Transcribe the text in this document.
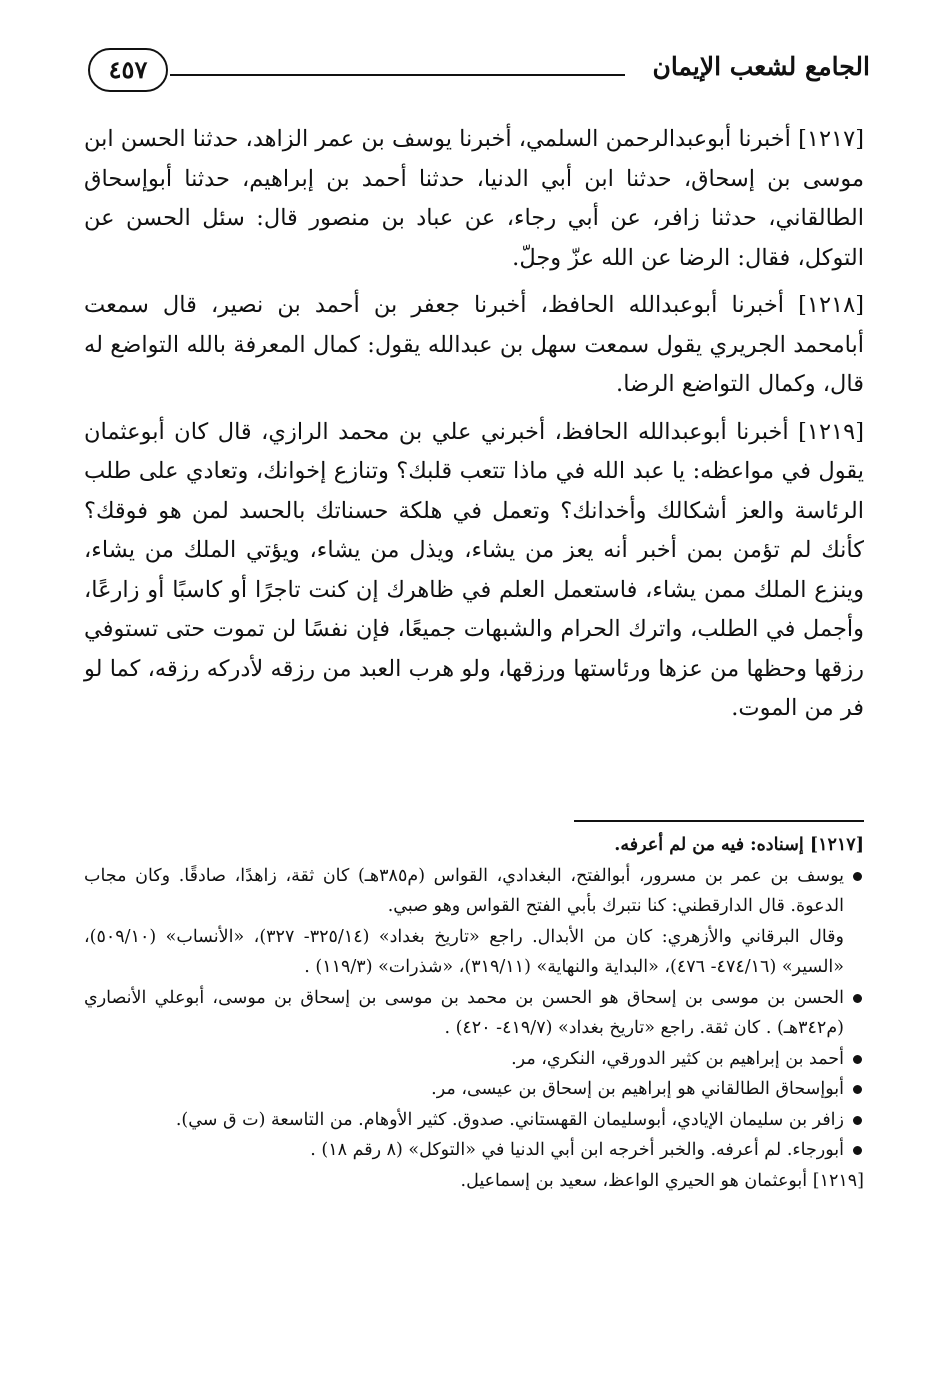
الجامع لشعب الإيمان
٤٥٧

[١٢١٧] أخبرنا أبوعبدالرحمن السلمي، أخبرنا يوسف بن عمر الزاهد، حدثنا الحسن ابن موسى بن إسحاق، حدثنا ابن أبي الدنيا، حدثنا أحمد بن إبراهيم، حدثنا أبوإسحاق الطالقاني، حدثنا زافر، عن أبي رجاء، عن عباد بن منصور قال: سئل الحسن عن التوكل، فقال: الرضا عن الله عزّ وجلّ.

[١٢١٨] أخبرنا أبوعبدالله الحافظ، أخبرنا جعفر بن أحمد بن نصير، قال سمعت أبامحمد الجريري يقول سمعت سهل بن عبدالله يقول: كمال المعرفة بالله التواضع له قال، وكمال التواضع الرضا.

[١٢١٩] أخبرنا أبوعبدالله الحافظ، أخبرني علي بن محمد الرازي، قال كان أبوعثمان يقول في مواعظه: يا عبد الله في ماذا تتعب قلبك؟ وتنازع إخوانك، وتعادي على طلب الرئاسة والعز أشكالك وأخدانك؟ وتعمل في هلكة حسناتك بالحسد لمن هو فوقك؟ كأنك لم تؤمن بمن أخبر أنه يعز من يشاء، ويذل من يشاء، ويؤتي الملك من يشاء، وينزع الملك ممن يشاء، فاستعمل العلم في ظاهرك إن كنت تاجرًا أو كاسبًا أو زارعًا، وأجمل في الطلب، واترك الحرام والشبهات جميعًا، فإن نفسًا لن تموت حتى تستوفي رزقها وحظها من عزها ورئاستها ورزقها، ولو هرب العبد من رزقه لأدركه رزقه، كما لو فر من الموت.

[١٢١٧] إسناده: فيه من لم أعرفه.

يوسف بن عمر بن مسرور، أبوالفتح، البغدادي، القواس (م٣٨٥هـ) كان ثقة، زاهدًا، صادقًا. وكان مجاب الدعوة. قال الدارقطني: كنا نتبرك بأبي الفتح القواس وهو صبي.
وقال البرقاني والأزهري: كان من الأبدال. راجع «تاريخ بغداد» (٣٢٥/١٤- ٣٢٧)، «الأنساب» (٥٠٩/١٠)، «السير» (٤٧٤/١٦- ٤٧٦)، «البداية والنهاية» (٣١٩/١١)، «شذرات» (١١٩/٣) .
الحسن بن موسى بن إسحاق هو الحسن بن محمد بن موسى بن إسحاق بن موسى، أبوعلي الأنصاري (م٣٤٢هـ) . كان ثقة. راجع «تاريخ بغداد» (٤١٩/٧- ٤٢٠) .
أحمد بن إبراهيم بن كثير الدورقي، النكري، مر.
أبوإسحاق الطالقاني هو إبراهيم بن إسحاق بن عيسى، مر.
زافر بن سليمان الإيادي، أبوسليمان القهستاني. صدوق. كثير الأوهام. من التاسعة (ت ق سي).
أبورجاء. لم أعرفه. والخبر أخرجه ابن أبي الدنيا في «التوكل» (٨ رقم ١٨) .

[١٢١٩] أبوعثمان هو الحيري الواعظ، سعيد بن إسماعيل.
